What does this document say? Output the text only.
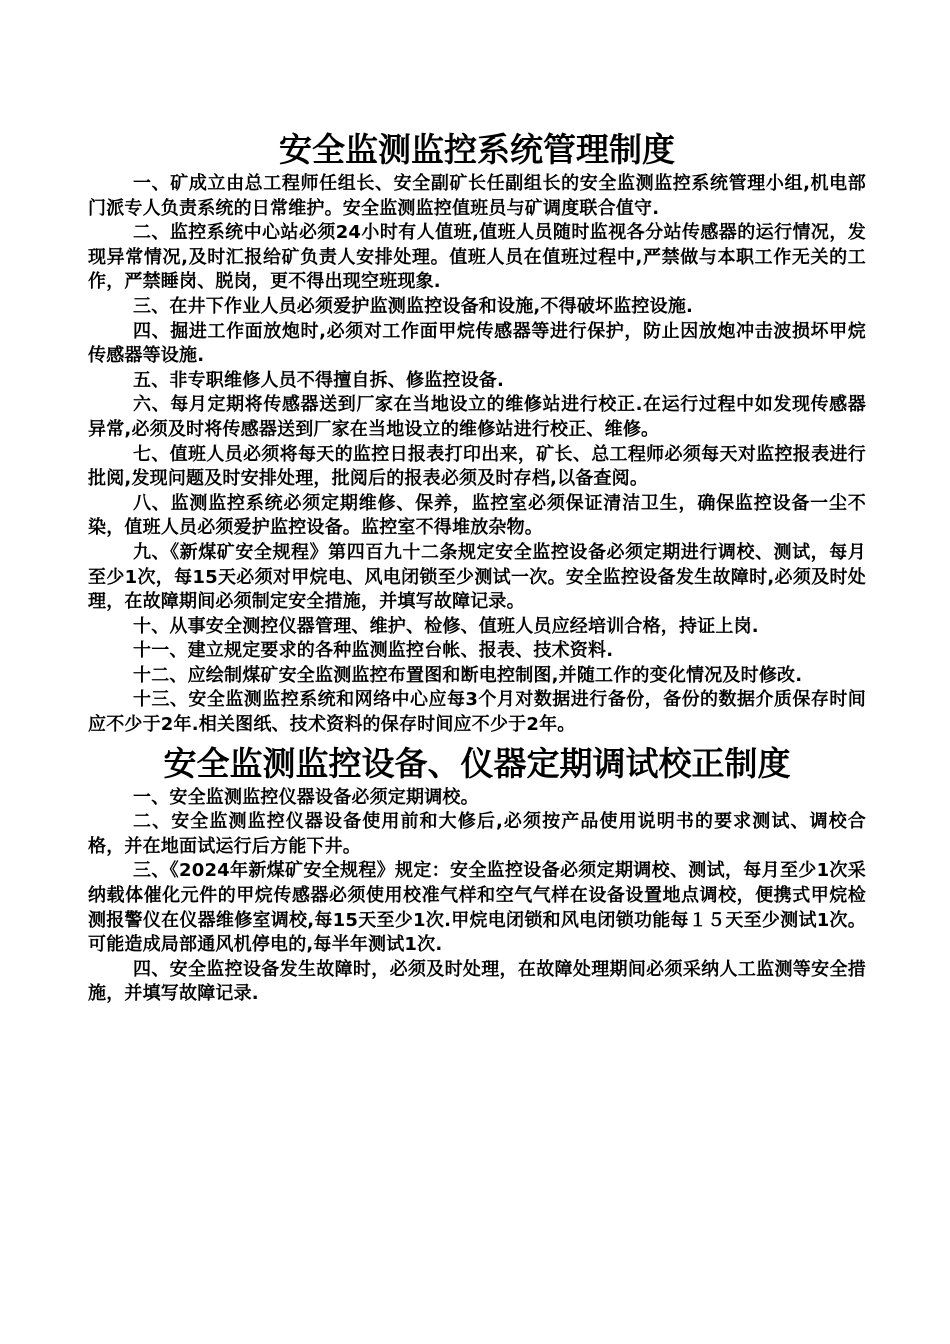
安全监测监控系统管理制度

一、矿成立由总工程师任组长、安全副矿长任副组长的安全监测监控系统管理小组,机电部门派专人负责系统的日常维护。安全监测监控值班员与矿调度联合值守.

二、监控系统中心站必须24小时有人值班,值班人员随时监视各分站传感器的运行情况，发现异常情况,及时汇报给矿负责人安排处理。值班人员在值班过程中,严禁做与本职工作无关的工作，严禁睡岗、脱岗，更不得出现空班现象.

三、在井下作业人员必须爱护监测监控设备和设施,不得破坏监控设施.

四、掘进工作面放炮时,必须对工作面甲烷传感器等进行保护，防止因放炮冲击波损坏甲烷传感器等设施.

五、非专职维修人员不得擅自拆、修监控设备.

六、每月定期将传感器送到厂家在当地设立的维修站进行校正.在运行过程中如发现传感器异常,必须及时将传感器送到厂家在当地设立的维修站进行校正、维修。

七、值班人员必须将每天的监控日报表打印出来，矿长、总工程师必须每天对监控报表进行批阅,发现问题及时安排处理，批阅后的报表必须及时存档,以备查阅。

八、监测监控系统必须定期维修、保养，监控室必须保证清洁卫生，确保监控设备一尘不染，值班人员必须爱护监控设备。监控室不得堆放杂物。

九、《新煤矿安全规程》第四百九十二条规定安全监控设备必须定期进行调校、测试，每月至少1次，每15天必须对甲烷电、风电闭锁至少测试一次。安全监控设备发生故障时,必须及时处理，在故障期间必须制定安全措施，并填写故障记录。

十、从事安全测控仪器管理、维护、检修、值班人员应经培训合格，持证上岗.

十一、建立规定要求的各种监测监控台帐、报表、技术资料.

十二、应绘制煤矿安全监测监控布置图和断电控制图,并随工作的变化情况及时修改.

十三、安全监测监控系统和网络中心应每3个月对数据进行备份，备份的数据介质保存时间应不少于2年.相关图纸、技术资料的保存时间应不少于2年。

安全监测监控设备、仪器定期调试校正制度

一、安全监测监控仪器设备必须定期调校。

二、安全监测监控仪器设备使用前和大修后,必须按产品使用说明书的要求测试、调校合格，并在地面试运行后方能下井。

三、《2024年新煤矿安全规程》规定：安全监控设备必须定期调校、测试，每月至少1次采纳载体催化元件的甲烷传感器必须使用校准气样和空气气样在设备设置地点调校，便携式甲烷检测报警仪在仪器维修室调校,每15天至少1次.甲烷电闭锁和风电闭锁功能每１５天至少测试1次。可能造成局部通风机停电的,每半年测试1次.

四、安全监控设备发生故障时，必须及时处理，在故障处理期间必须采纳人工监测等安全措施，并填写故障记录.
